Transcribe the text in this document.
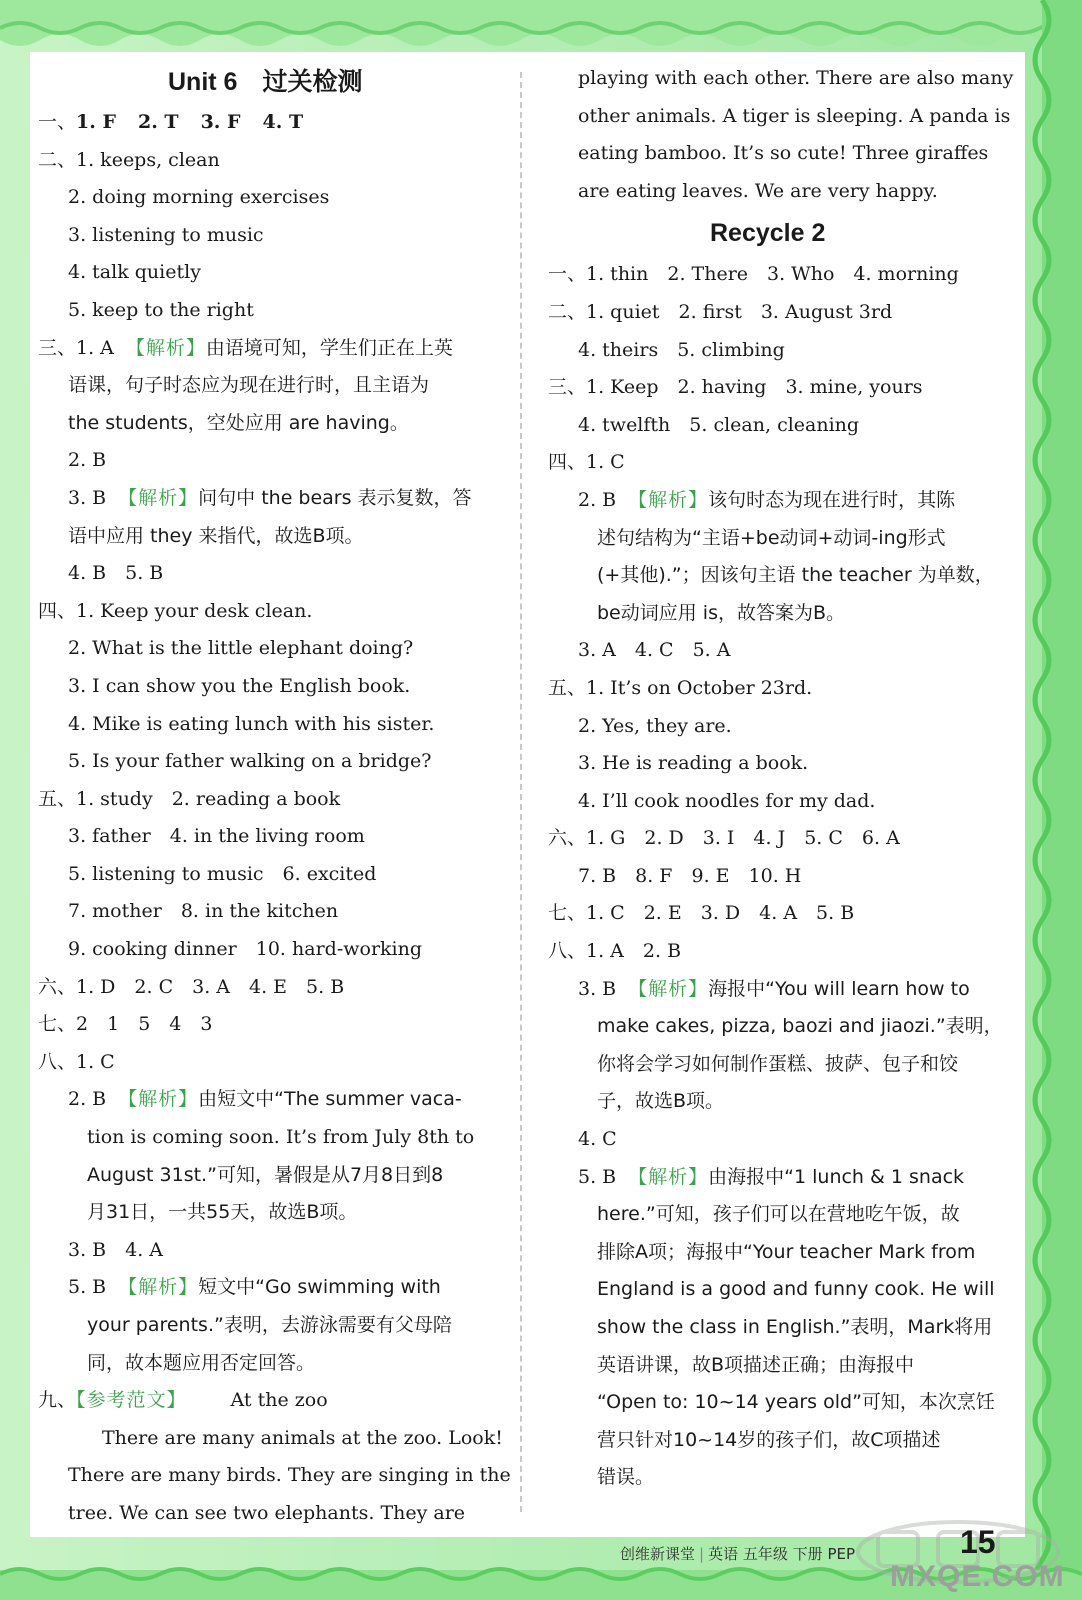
Unit 6　过关检测
一、1. F 2. T 3. F 4. T
二、1. keeps, clean
2. doing morning exercises
3. listening to music
4. talk quietly
5. keep to the right
三、1. A 【解析】由语境可知，学生们正在上英
语课，句子时态应为现在进行时，且主语为
the students，空处应用 are having。
2. B
3. B 【解析】问句中 the bears 表示复数，答
语中应用 they 来指代，故选B项。
4. B　5. B
四、1. Keep your desk clean.
2. What is the little elephant doing?
3. I can show you the English book.
4. Mike is eating lunch with his sister.
5. Is your father walking on a bridge?
五、1. study　2. reading a book
3. father　4. in the living room
5. listening to music　6. excited
7. mother　8. in the kitchen
9. cooking dinner　10. hard-working
六、1. D　2. C　3. A　4. E　5. B
七、2　1　5　4　3
八、1. C
2. B 【解析】由短文中“The summer vaca-
tion is coming soon. It’s from July 8th to
August 31st.”可知，暑假是从7月8日到8
月31日，一共55天，故选B项。
3. B　4. A
5. B 【解析】短文中“Go swimming with
your parents.”表明，去游泳需要有父母陪
同，故本题应用否定回答。
九、【参考范文】 At the zoo
There are many animals at the zoo. Look!
There are many birds. They are singing in the
tree. We can see two elephants. They are
playing with each other. There are also many
other animals. A tiger is sleeping. A panda is
eating bamboo. It’s so cute! Three giraffes
are eating leaves. We are very happy.
Recycle 2
一、1. thin　2. There　3. Who　4. morning
二、1. quiet　2. first　3. August 3rd
4. theirs　5. climbing
三、1. Keep　2. having　3. mine, yours
4. twelfth　5. clean, cleaning
四、1. C
2. B 【解析】该句时态为现在进行时，其陈
述句结构为“主语+be动词+动词-ing形式
(+其他).”；因该句主语 the teacher 为单数，
be动词应用 is，故答案为B。
3. A　4. C　5. A
五、1. It’s on October 23rd.
2. Yes, they are.
3. He is reading a book.
4. I’ll cook noodles for my dad.
六、1. G　2. D　3. I　4. J　5. C　6. A
7. B　8. F　9. E　10. H
七、1. C　2. E　3. D　4. A　5. B
八、1. A　2. B
3. B 【解析】海报中“You will learn how to
make cakes, pizza, baozi and jiaozi.”表明，
你将会学习如何制作蛋糕、披萨、包子和饺
子，故选B项。
4. C
5. B 【解析】由海报中“1 lunch & 1 snack
here.”可知，孩子们可以在营地吃午饭，故
排除A项；海报中“Your teacher Mark from
England is a good and funny cook. He will
show the class in English.”表明，Mark将用
英语讲课，故B项描述正确；由海报中
“Open to: 10~14 years old”可知，本次烹饪
营只针对10~14岁的孩子们，故C项描述
错误。
创维新课堂 | 英语 五年级 下册 PEP	15
MXQE.COM
